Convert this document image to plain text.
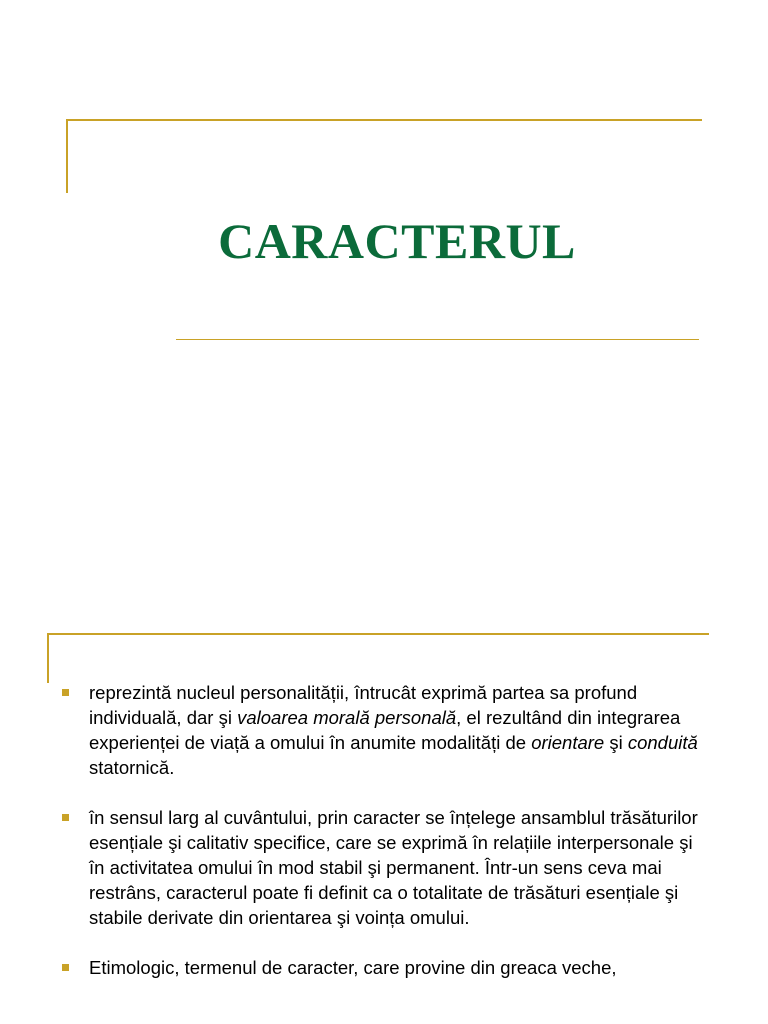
CARACTERUL
reprezintă nucleul personalității, întrucât exprimă partea sa profund individuală, dar şi valoarea morală personală, el rezultând din integrarea experienței de viață a omului în anumite modalități de orientare şi conduită statornică.
în sensul larg al cuvântului, prin caracter se înțelege ansamblul trăsăturilor esențiale şi calitativ specifice, care se exprimă în relațiile interpersonale şi în activitatea omului în mod stabil şi permanent. Într-un sens ceva mai restrâns, caracterul poate fi definit ca o totalitate de trăsături esențiale şi stabile derivate din orientarea şi voința omului.
Etimologic, termenul de caracter, care provine din greaca veche,
